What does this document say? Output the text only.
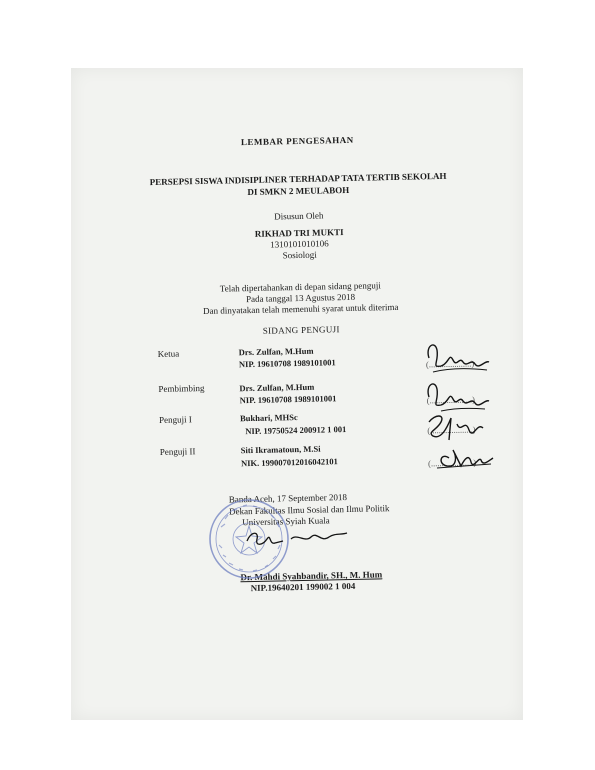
LEMBAR PENGESAHAN
PERSEPSI SISWA INDISIPLINER TERHADAP TATA TERTIB SEKOLAH
DI SMKN 2 MEULABOH
Disusun Oleh
RIKHAD TRI MUKTI
1310101010106
Sosiologi
Telah dipertahankan di depan sidang penguji
Pada tanggal 13 Agustus 2018
Dan dinyatakan telah memenuhi syarat untuk diterima
SIDANG PENGUJI
Ketua	Drs. Zulfan, M.Hum
NIP. 19610708 1989101001	(....................)
Pembimbing	Drs. Zulfan, M.Hum
NIP. 19610708 1989101001	(....................)
Penguji I	Bukhari, MHSc
NIP. 19750524 200912 1 001	(....................)
Penguji II	Siti Ikramatoun, M.Si
NIK. 199007012016042101	(....................)
Banda Aceh, 17 September 2018
Dekan Fakultas Ilmu Sosial dan Ilmu Politik
Universitas Syiah Kuala
Dr. Mahdi Syahbandir, SH., M. Hum
NIP.19640201 199002 1 004
